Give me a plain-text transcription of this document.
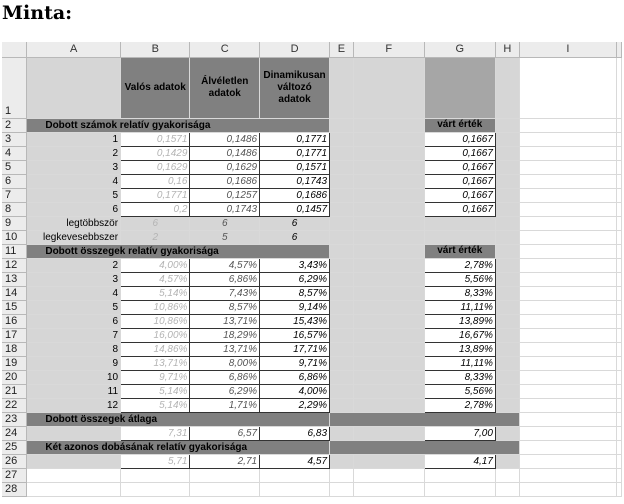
Minta:
	A	B	C	D	E	F	G	H	I	
1		Valós adatok	Álvéletlen adatok	Dinamikusan változó adatok						
2	Dobott számok relatív gyakorisága						várt érték			
3	1	0,1571	0,1486	0,1771			0,1667			
4	2	0,1429	0,1486	0,1771			0,1667			
5	3	0,1629	0,1629	0,1571			0,1667			
6	4	0,16	0,1686	0,1743			0,1667			
7	5	0,1771	0,1257	0,1686			0,1667			
8	6	0,2	0,1743	0,1457			0,1667			
9	legtöbbször	6	6	6						
10	legkevesebbszer	2	5	6						
11	Dobott összegek relatív gyakorisága						várt érték			
12	2	4,00%	4,57%	3,43%			2,78%			
13	3	4,57%	6,86%	6,29%			5,56%			
14	4	5,14%	7,43%	8,57%			8,33%			
15	5	10,86%	8,57%	9,14%			11,11%			
16	6	10,86%	13,71%	15,43%			13,89%			
17	7	16,00%	18,29%	16,57%			16,67%			
18	8	14,86%	13,71%	17,71%			13,89%			
19	9	13,71%	8,00%	9,71%			11,11%			
20	10	9,71%	6,86%	6,86%			8,33%			
21	11	5,14%	6,29%	4,00%			5,56%			
22	12	5,14%	1,71%	2,29%			2,78%			
23	Dobott összegek átlaga									
24		7,31	6,57	6,83			7,00			
25	Két azonos dobásának relatív gyakorisága									
26		5,71	2,71	4,57			4,17			
27										
28										
